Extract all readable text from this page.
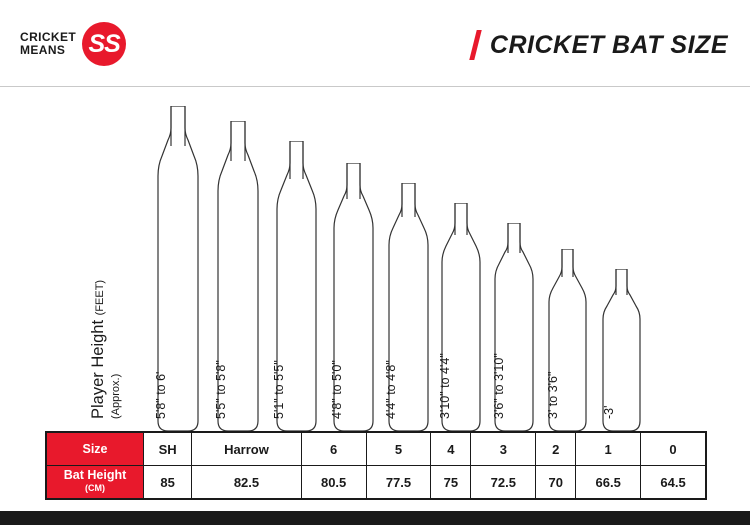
CRICKET
MEANS SS	CRICKET BAT SIZE
Player Height (FEET)
(Approx.)	5'8" to 6'	5'5" to 5'8"	5'1" to 5'5"	4'8" to 5'0"	4'4" to 4'8"	3'10" to 4'4"	3'6" to 3'10"	3' to 3'6"	-3'
Size	SH	Harrow	6	5	4	3	2	1	0
Bat Height
(CM)	85	82.5	80.5	77.5	75	72.5	70	66.5	64.5
